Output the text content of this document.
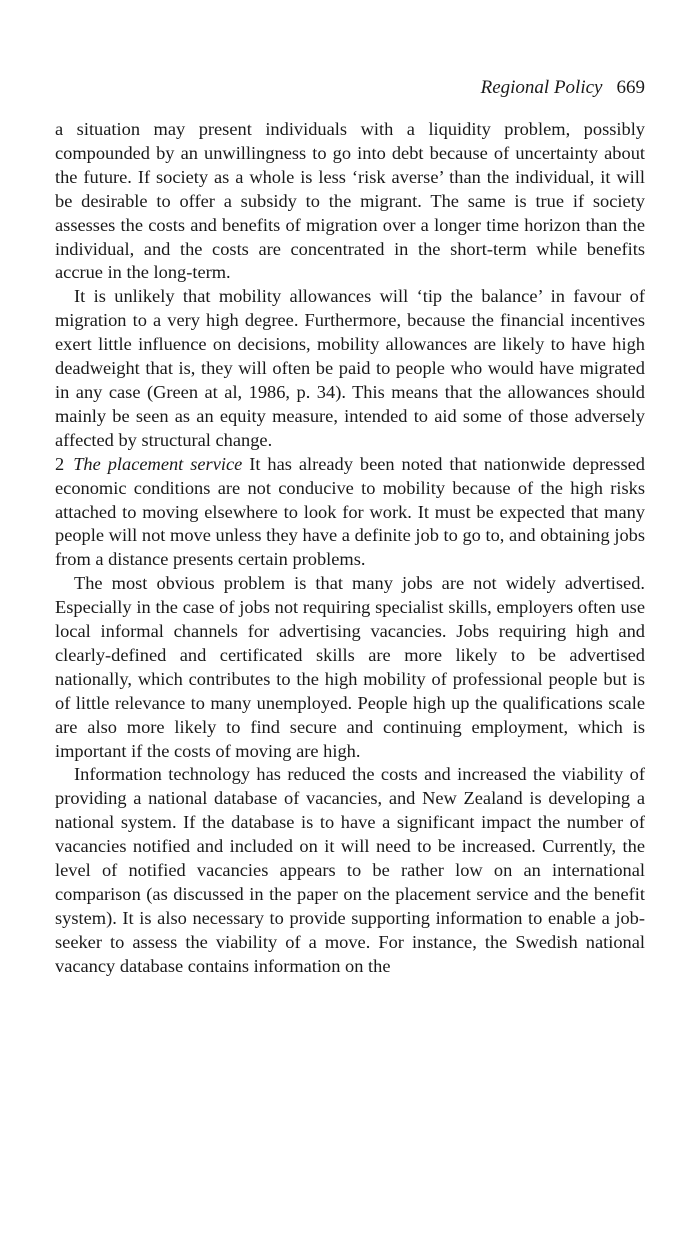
Regional Policy 669

a situation may present individuals with a liquidity problem, possibly compounded by an unwillingness to go into debt because of uncertainty about the future. If society as a whole is less ‘risk averse’ than the individual, it will be desirable to offer a subsidy to the migrant. The same is true if society assesses the costs and benefits of migration over a longer time horizon than the individual, and the costs are concentrated in the short-term while benefits accrue in the long-term.

It is unlikely that mobility allowances will ‘tip the balance’ in favour of migration to a very high degree. Furthermore, because the financial incentives exert little influence on decisions, mobility allowances are likely to have high deadweight that is, they will often be paid to people who would have migrated in any case (Green at al, 1986, p. 34). This means that the allowances should mainly be seen as an equity measure, intended to aid some of those adversely affected by structural change.

2 The placement service It has already been noted that nationwide depressed economic conditions are not conducive to mobility because of the high risks attached to moving elsewhere to look for work. It must be expected that many people will not move unless they have a definite job to go to, and obtaining jobs from a distance presents certain problems.

The most obvious problem is that many jobs are not widely advertised. Especially in the case of jobs not requiring specialist skills, employers often use local informal channels for advertising vacancies. Jobs requiring high and clearly-defined and certificated skills are more likely to be advertised nationally, which contributes to the high mobility of professional people but is of little relevance to many unemployed. People high up the qualifications scale are also more likely to find secure and continuing employment, which is important if the costs of moving are high.

Information technology has reduced the costs and increased the viability of providing a national database of vacancies, and New Zealand is developing a national system. If the database is to have a significant impact the number of vacancies notified and included on it will need to be increased. Currently, the level of notified vacancies appears to be rather low on an international comparison (as discussed in the paper on the placement service and the benefit system). It is also necessary to provide supporting information to enable a job-seeker to assess the viability of a move. For instance, the Swedish national vacancy database contains information on the
